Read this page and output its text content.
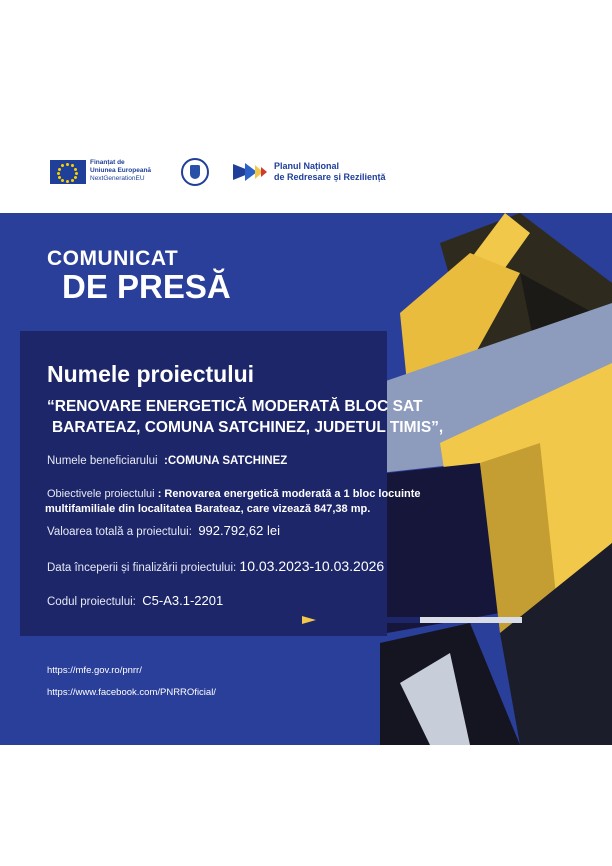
Finanțat de
Uniunea Europeană
NextGenerationEU
Planul Național
de Redresare și Reziliență
COMUNICAT
DE PRESĂ
Numele proiectului
“RENOVARE ENERGETICĂ MODERATĂ BLOC SAT
BARATEAZ, COMUNA SATCHINEZ, JUDETUL TIMIS”,
Numele beneficiarului :COMUNA SATCHINEZ
Obiectivele proiectului : Renovarea energetică moderată a 1 bloc locuinte
multifamiliale din localitatea Barateaz, care vizează 847,38 mp.
Valoarea totală a proiectului: 992.792,62 lei
Data începerii și finalizării proiectului: 10.03.2023-10.03.2026
Codul proiectului: C5-A3.1-2201
https://mfe.gov.ro/pnrr/
https://www.facebook.com/PNRROficial/
